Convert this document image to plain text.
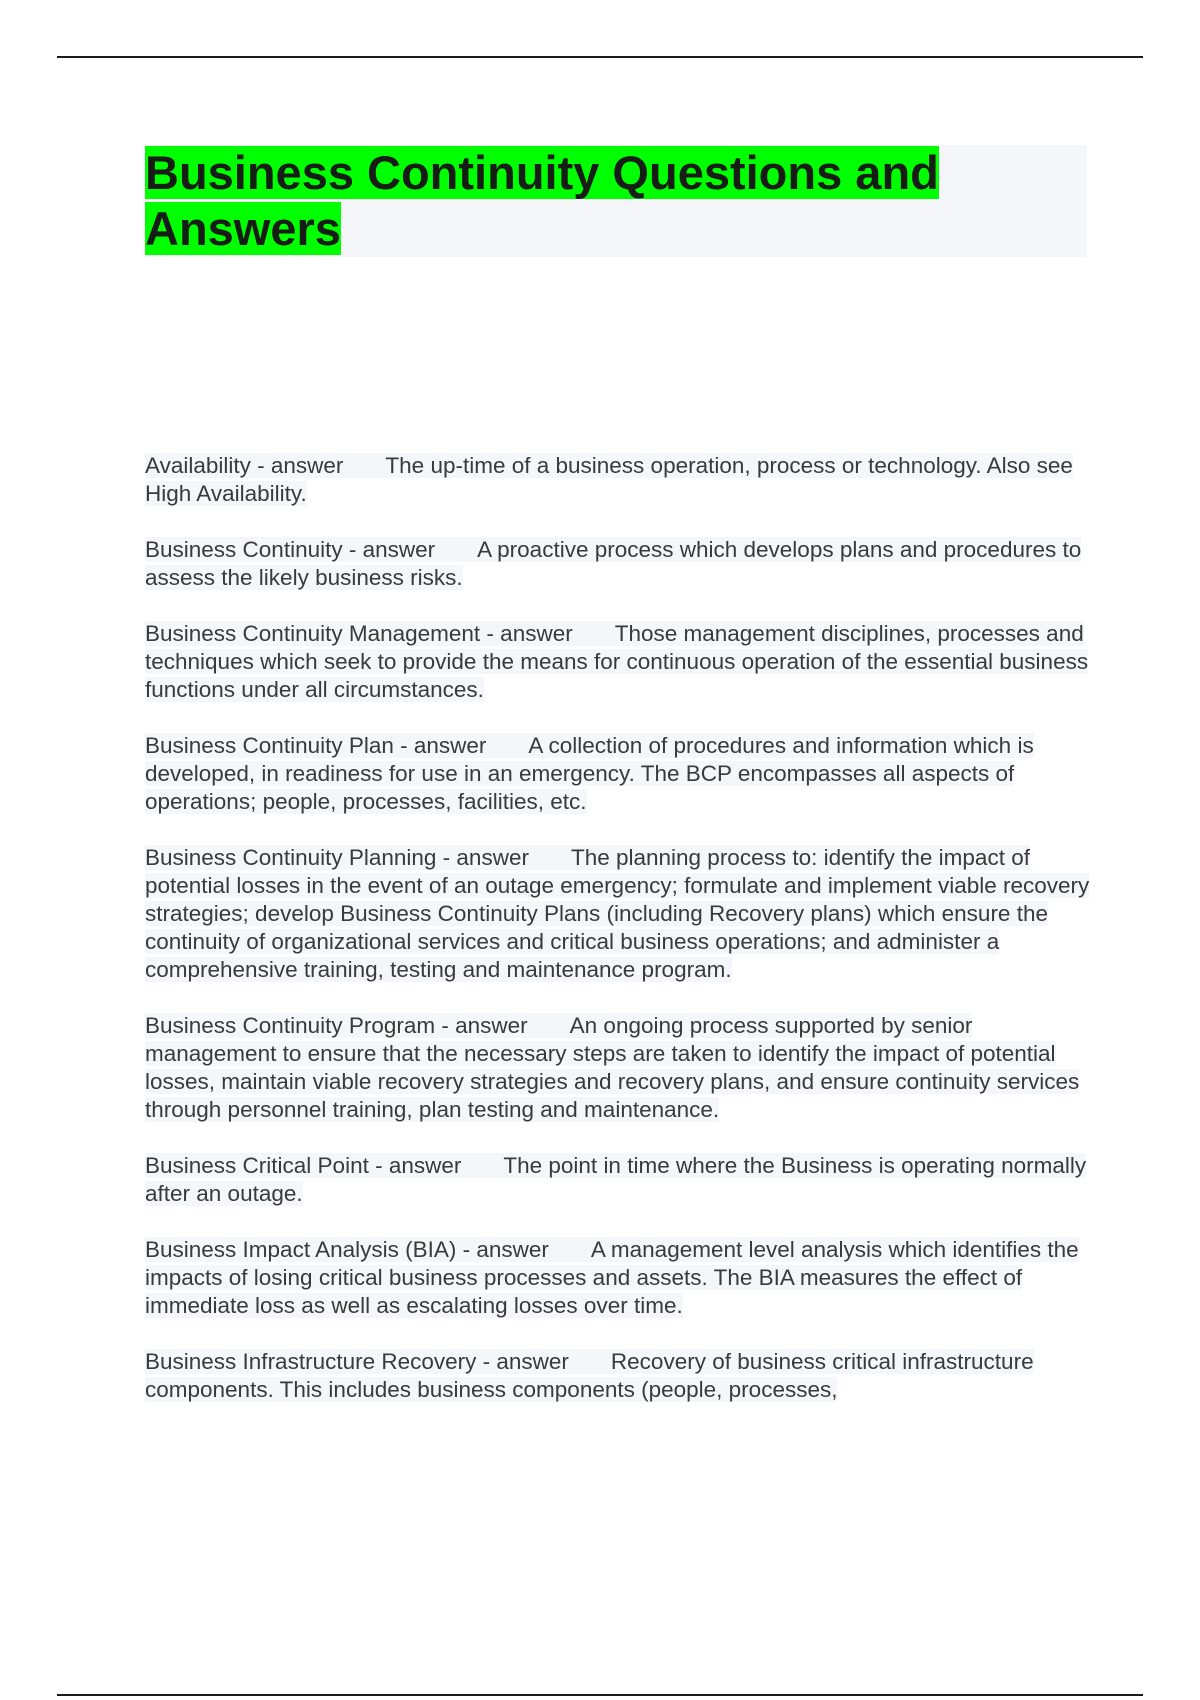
Business Continuity Questions and Answers

Availability - answer The up-time of a business operation, process or technology. Also see High Availability.

Business Continuity - answer A proactive process which develops plans and procedures to assess the likely business risks.

Business Continuity Management - answer Those management disciplines, processes and techniques which seek to provide the means for continuous operation of the essential business functions under all circumstances.

Business Continuity Plan - answer A collection of procedures and information which is developed, in readiness for use in an emergency. The BCP encompasses all aspects of operations; people, processes, facilities, etc.

Business Continuity Planning - answer The planning process to: identify the impact of potential losses in the event of an outage emergency; formulate and implement viable recovery strategies; develop Business Continuity Plans (including Recovery plans) which ensure the continuity of organizational services and critical business operations; and administer a comprehensive training, testing and maintenance program.

Business Continuity Program - answer An ongoing process supported by senior management to ensure that the necessary steps are taken to identify the impact of potential losses, maintain viable recovery strategies and recovery plans, and ensure continuity services through personnel training, plan testing and maintenance.

Business Critical Point - answer The point in time where the Business is operating normally after an outage.

Business Impact Analysis (BIA) - answer A management level analysis which identifies the impacts of losing critical business processes and assets. The BIA measures the effect of immediate loss as well as escalating losses over time.

Business Infrastructure Recovery - answer Recovery of business critical infrastructure components. This includes business components (people, processes,
